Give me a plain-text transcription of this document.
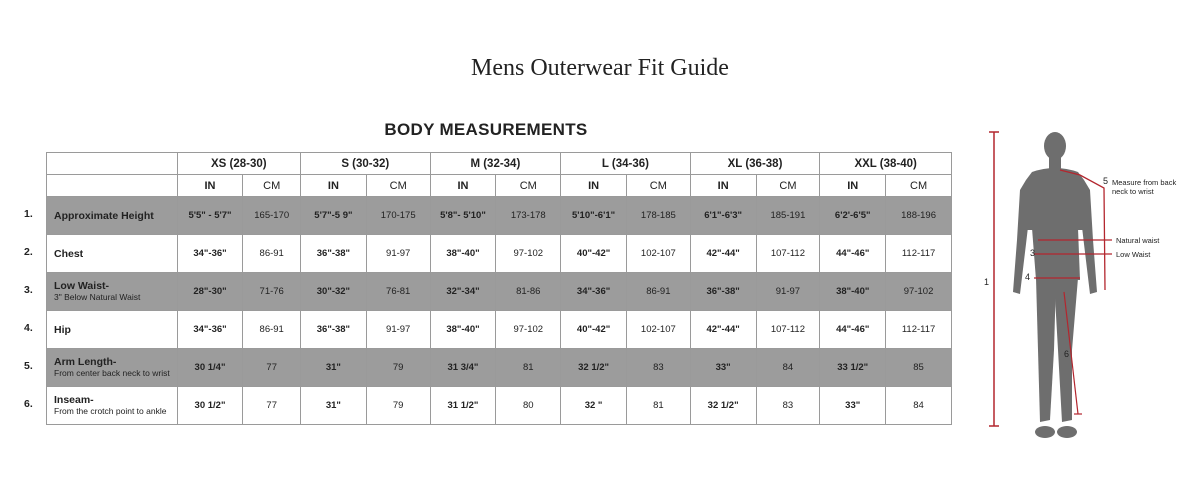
Mens Outerwear Fit Guide
BODY MEASUREMENTS
	XS (28-30)		S (30-32)		M (32-34)		L (34-36)		XL (36-38)		XXL (38-40)	
	IN	CM	IN	CM	IN	CM	IN	CM	IN	CM	IN	CM

Approximate Height	5'5" - 5'7"	165-170	5'7"-5 9"	170-175	5'8"- 5'10"	173-178	5'10"-6'1"	178-185	6'1"-6'3"	185-191	6'2'-6'5"	188-196

Chest	34"-36"	86-91	36"-38"	91-97	38"-40"	97-102	40"-42"	102-107	42"-44"	107-112	44"-46"	112-117

Low Waist-
3" Below Natural Waist	28"-30"	71-76	30"-32"	76-81	32"-34"	81-86	34"-36"	86-91	36"-38"	91-97	38"-40"	97-102

Hip	34"-36"	86-91	36"-38"	91-97	38"-40"	97-102	40"-42"	102-107	42"-44"	107-112	44"-46"	112-117

Arm Length-
From center back neck to wrist	30 1/4"	77	31"	79	31 3/4"	81	32 1/2"	83	33"	84	33 1/2"	85

Inseam-
From the crotch point to ankle	30 1/2"	77	31"	79	31 1/2"	80	32 "	81	32 1/2"	83	33"	84
1.
2.
3.
4.
5.
6.
1
5 Measure from back neck to wrist
Natural waist
3	Low Waist
4
6
